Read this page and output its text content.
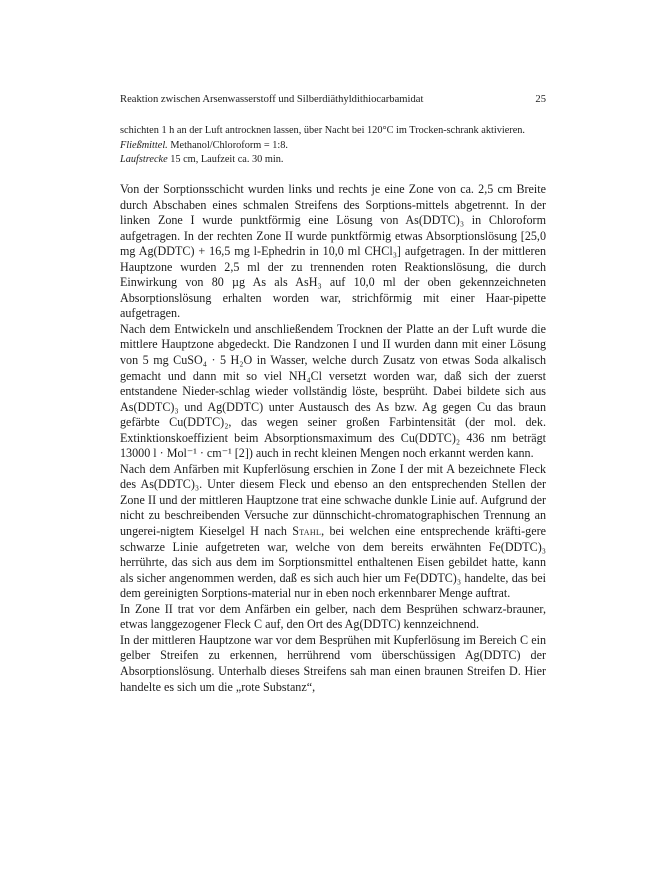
Reaktion zwischen Arsenwasserstoff und Silberdiäthyldithiocarbamidat	25

schichten 1 h an der Luft antrocknen lassen, über Nacht bei 120°C im Trocken-schrank aktivieren.

Fließmittel. Methanol/Chloroform = 1:8.

Laufstrecke 15 cm, Laufzeit ca. 30 min.

Von der Sorptionsschicht wurden links und rechts je eine Zone von ca. 2,5 cm Breite durch Abschaben eines schmalen Streifens des Sorptions-mittels abgetrennt. In der linken Zone I wurde punktförmig eine Lösung von As(DDTC)₃ in Chloroform aufgetragen. In der rechten Zone II wurde punktförmig etwas Absorptionslösung [25,0 mg Ag(DDTC) + 16,5 mg l-Ephedrin in 10,0 ml CHCl₃] aufgetragen. In der mittleren Hauptzone wurden 2,5 ml der zu trennenden roten Reaktionslösung, die durch Einwirkung von 80 µg As als AsH₃ auf 10,0 ml der oben gekennzeichneten Absorptionslösung erhalten worden war, strichförmig mit einer Haar-pipette aufgetragen.

Nach dem Entwickeln und anschließendem Trocknen der Platte an der Luft wurde die mittlere Hauptzone abgedeckt. Die Randzonen I und II wurden dann mit einer Lösung von 5 mg CuSO₄ · 5 H₂O in Wasser, welche durch Zusatz von etwas Soda alkalisch gemacht und dann mit so viel NH₄Cl versetzt worden war, daß sich der zuerst entstandene Nieder-schlag wieder vollständig löste, besprüht. Dabei bildete sich aus As(DDTC)₃ und Ag(DDTC) unter Austausch des As bzw. Ag gegen Cu das braun gefärbte Cu(DDTC)₂, das wegen seiner großen Farbintensität (der mol. dek. Extinktionskoeffizient beim Absorptionsmaximum des Cu(DDTC)₂ 436 nm beträgt 13000 l · Mol⁻¹ · cm⁻¹ [2]) auch in recht kleinen Mengen noch erkannt werden kann.

Nach dem Anfärben mit Kupferlösung erschien in Zone I der mit A bezeichnete Fleck des As(DDTC)₃. Unter diesem Fleck und ebenso an den entsprechenden Stellen der Zone II und der mittleren Hauptzone trat eine schwache dunkle Linie auf. Aufgrund der nicht zu beschreibenden Versuche zur dünnschicht-chromatographischen Trennung an ungerei-nigtem Kieselgel H nach Stahl, bei welchen eine entsprechende kräfti-gere schwarze Linie aufgetreten war, welche von dem bereits erwähnten Fe(DDTC)₃ herrührte, das sich aus dem im Sorptionsmittel enthaltenen Eisen gebildet hatte, kann als sicher angenommen werden, daß es sich auch hier um Fe(DDTC)₃ handelte, das bei dem gereinigten Sorptions-material nur in eben noch erkennbarer Menge auftrat.

In Zone II trat vor dem Anfärben ein gelber, nach dem Besprühen schwarz-brauner, etwas langgezogener Fleck C auf, den Ort des Ag(DDTC) kennzeichnend.

In der mittleren Hauptzone war vor dem Besprühen mit Kupferlösung im Bereich C ein gelber Streifen zu erkennen, herrührend vom überschüssigen Ag(DDTC) der Absorptionslösung. Unterhalb dieses Streifens sah man einen braunen Streifen D. Hier handelte es sich um die „rote Substanz“,
